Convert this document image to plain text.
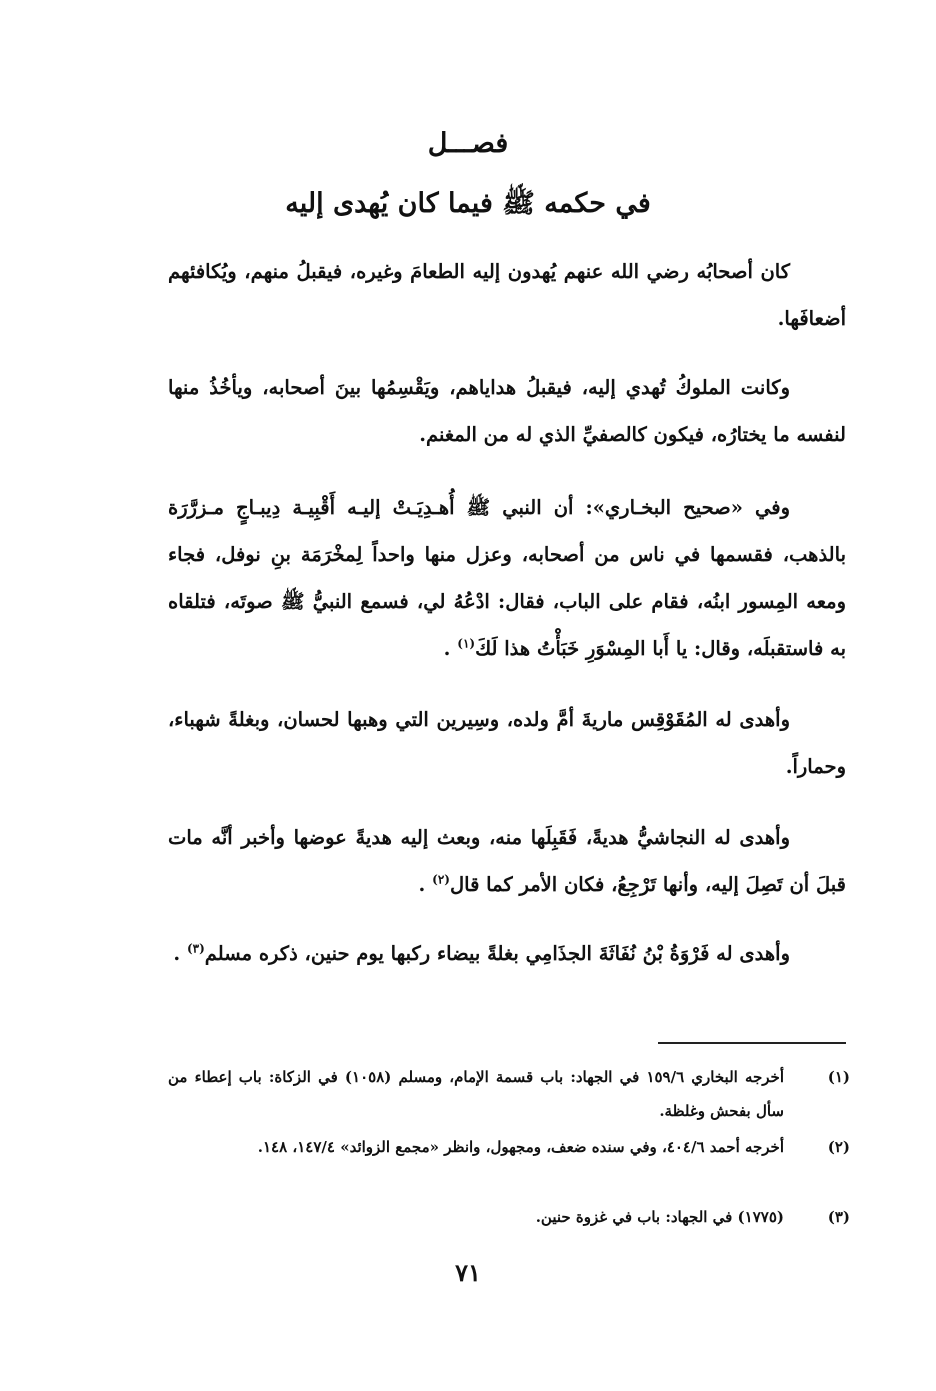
فصـــل
في حكمه ﷺ فيما كان يُهدى إليه

كان أصحابُه رضي الله عنهم يُهدون إليه الطعامَ وغيره، فيقبلُ منهم، ويُكافئهم أضعافَها.

وكانت الملوكُ تُهدي إليه، فيقبلُ هداياهم، ويَقْسِمُها بينَ أصحابه، ويأخُذُ منها لنفسه ما يختارُه، فيكون كالصفيِّ الذي له من المغنم.

وفي «صحيح البخـاري»: أن النبي ﷺ أُهـدِيَـتْ إليـه أَقْبِيـة دِيبـاجٍ مـزرَّرَة بالذهب، فقسمها في ناس من أصحابه، وعزل منها واحداً لِمخْرَمَة بنِ نوفل، فجاء ومعه المِسور ابنُه، فقام على الباب، فقال: ادْعُهُ لي، فسمع النبيُّ ﷺ صوتَه، فتلقاه به فاستقبلَه، وقال: يا أَبا المِسْوَرِ خَبَأْتُ هذا لَكَ$^{(١)}$ .

وأهدى له المُقَوْقِس ماريةَ أمَّ ولده، وسِيرين التي وهبها لحسان، وبغلةً شهباء، وحماراً.

وأهدى له النجاشيُّ هديةً، فَقَبِلَها منه، وبعث إليه هديةً عوضها وأخبر أنَّه مات قبلَ أن تَصِلَ إليه، وأنها تَرْجِعُ، فكان الأمر كما قال$^{(٢)}$ .

وأهدى له فَرْوَةُ بْنُ نُفَاثَةَ الجذَامِي بغلةً بيضاء ركبها يوم حنين، ذكره مسلم$^{(٣)}$ .

(١)
أخرجه البخاري ١٥٩/٦ في الجهاد: باب قسمة الإمام، ومسلم (١٠٥٨) في الزكاة: باب إعطاء من سأل بفحش وغلظة.
(٢)
أخرجه أحمد ٤٠٤/٦، وفي سنده ضعف، ومجهول، وانظر «مجمع الزوائد» ١٤٧/٤، ١٤٨.
(٣)
(١٧٧٥) في الجهاد: باب في غزوة حنين.
٧١
